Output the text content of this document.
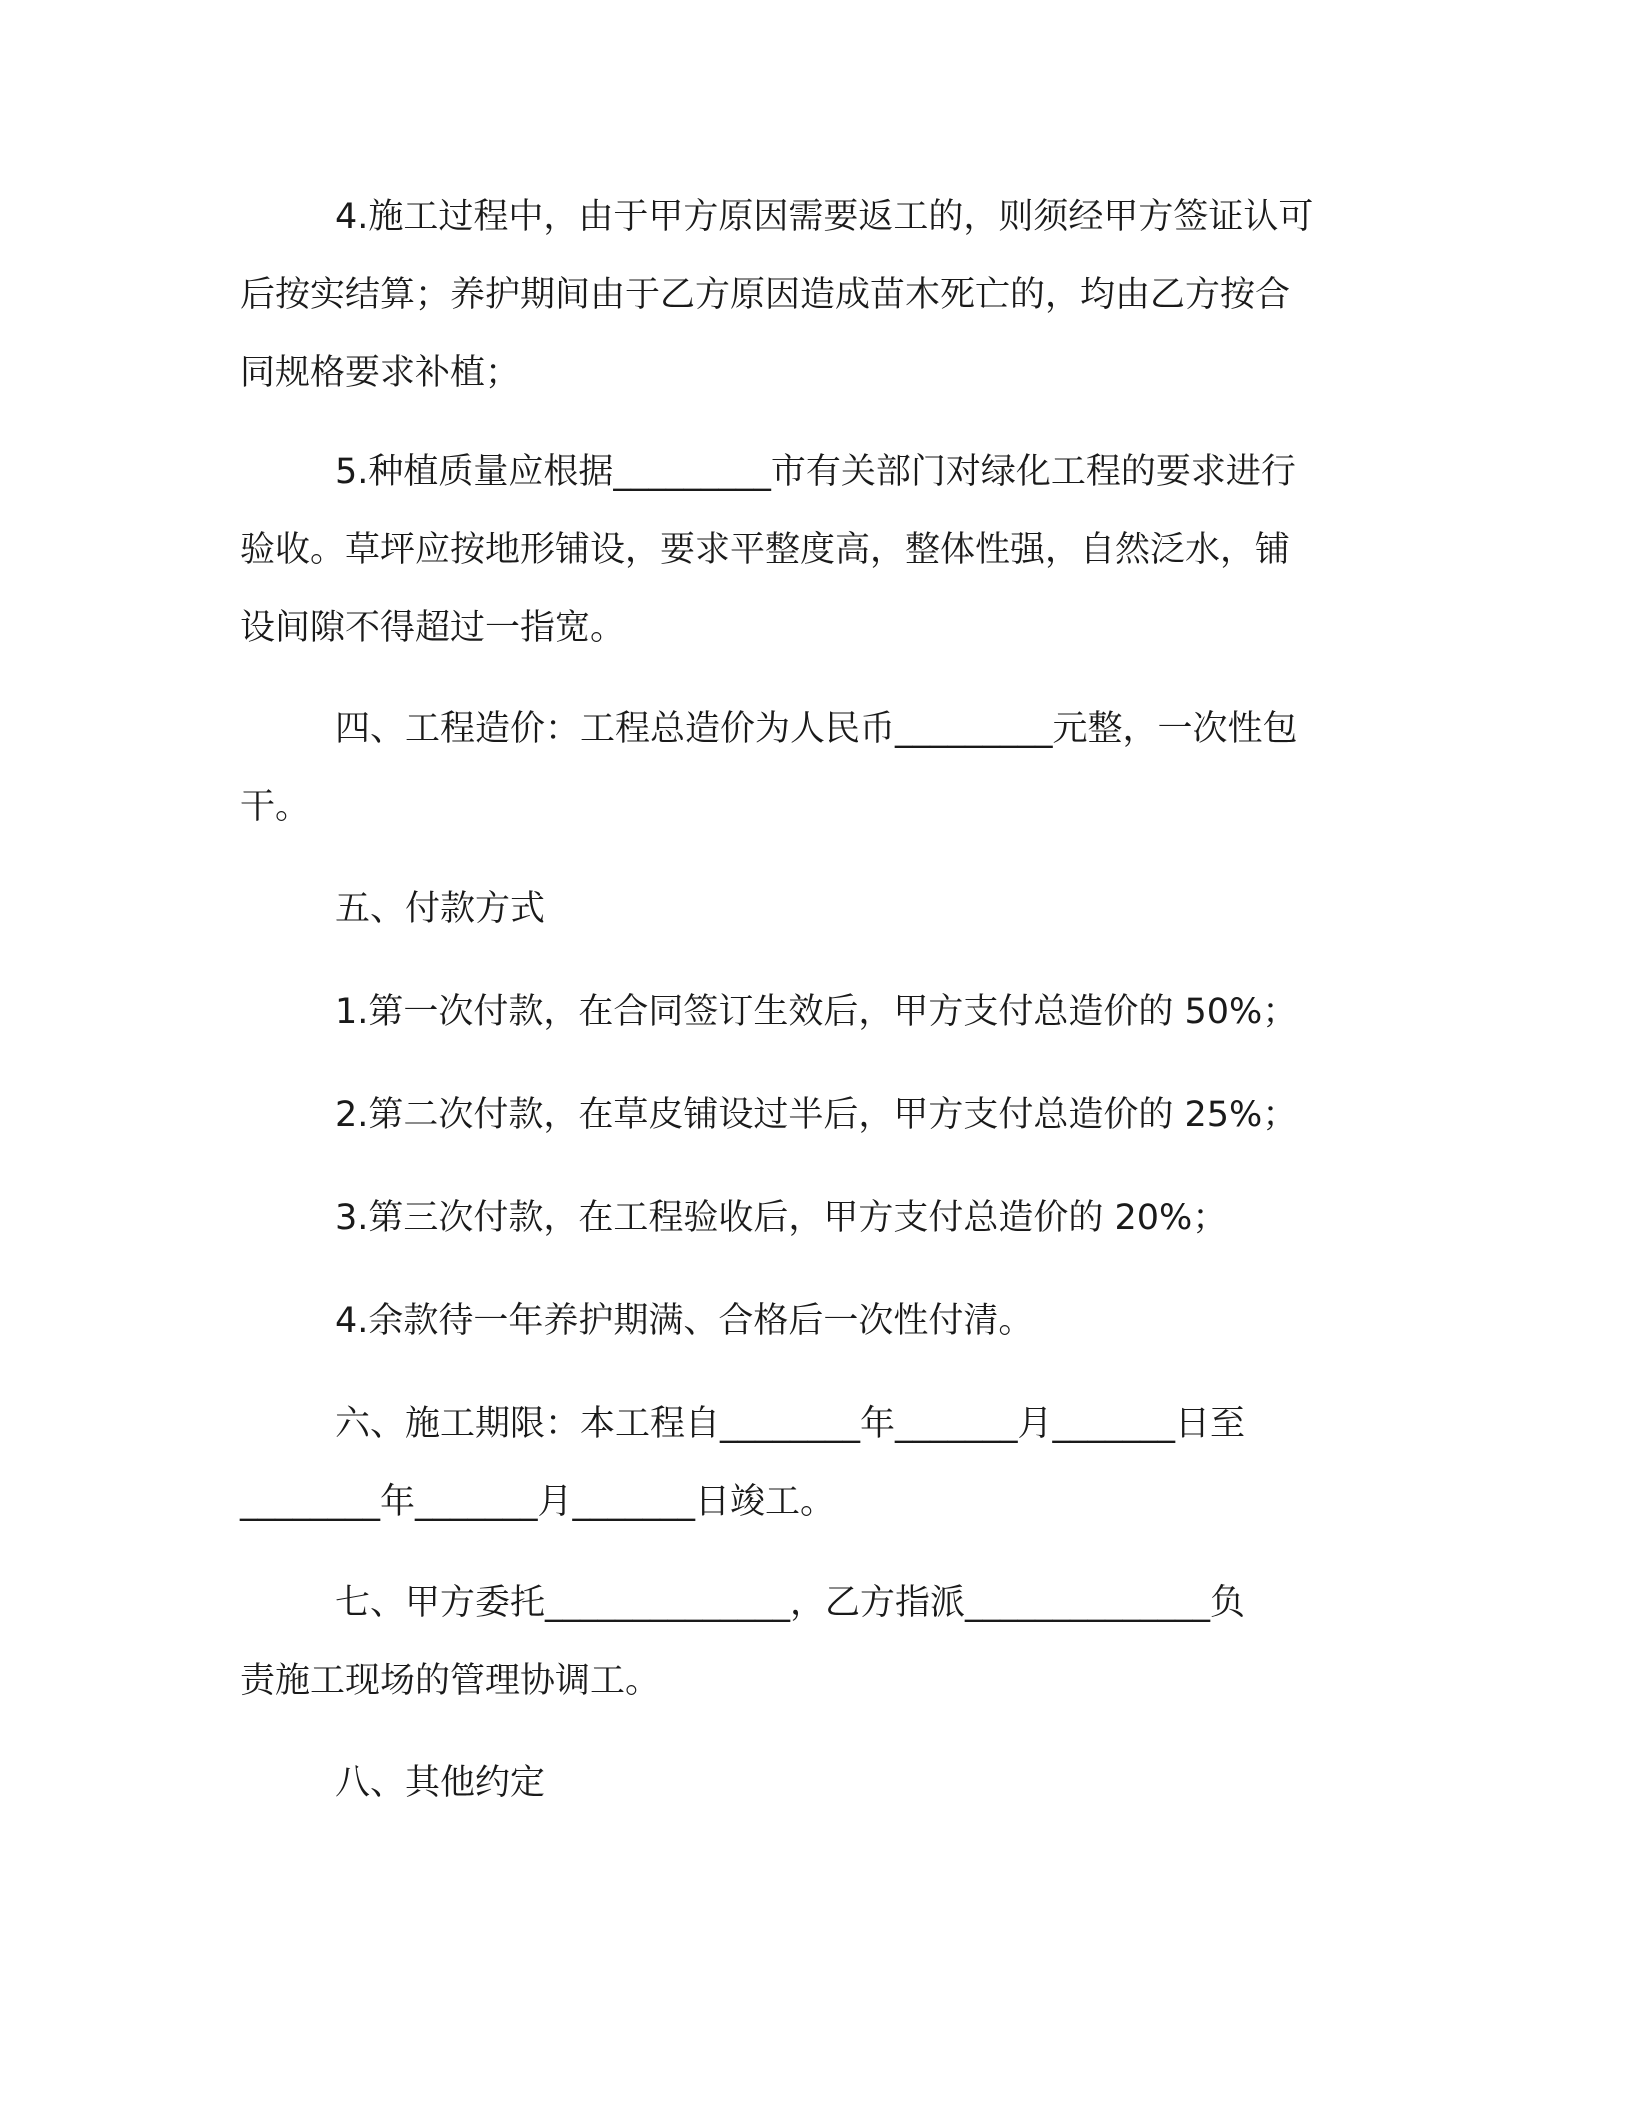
4.施工过程中，由于甲方原因需要返工的，则须经甲方签证认可
后按实结算；养护期间由于乙方原因造成苗木死亡的，均由乙方按合
同规格要求补植；
5.种植质量应根据_________市有关部门对绿化工程的要求进行
验收。草坪应按地形铺设，要求平整度高，整体性强，自然泛水，铺
设间隙不得超过一指宽。
四、工程造价：工程总造价为人民币_________元整，一次性包
干。
五、付款方式
1.第一次付款，在合同签订生效后，甲方支付总造价的 50%；
2.第二次付款，在草皮铺设过半后，甲方支付总造价的 25%；
3.第三次付款，在工程验收后，甲方支付总造价的 20%；
4.余款待一年养护期满、合格后一次性付清。
六、施工期限：本工程自________年_______月_______日至
________年_______月_______日竣工。
七、甲方委托______________，乙方指派______________负
责施工现场的管理协调工。
八、其他约定
